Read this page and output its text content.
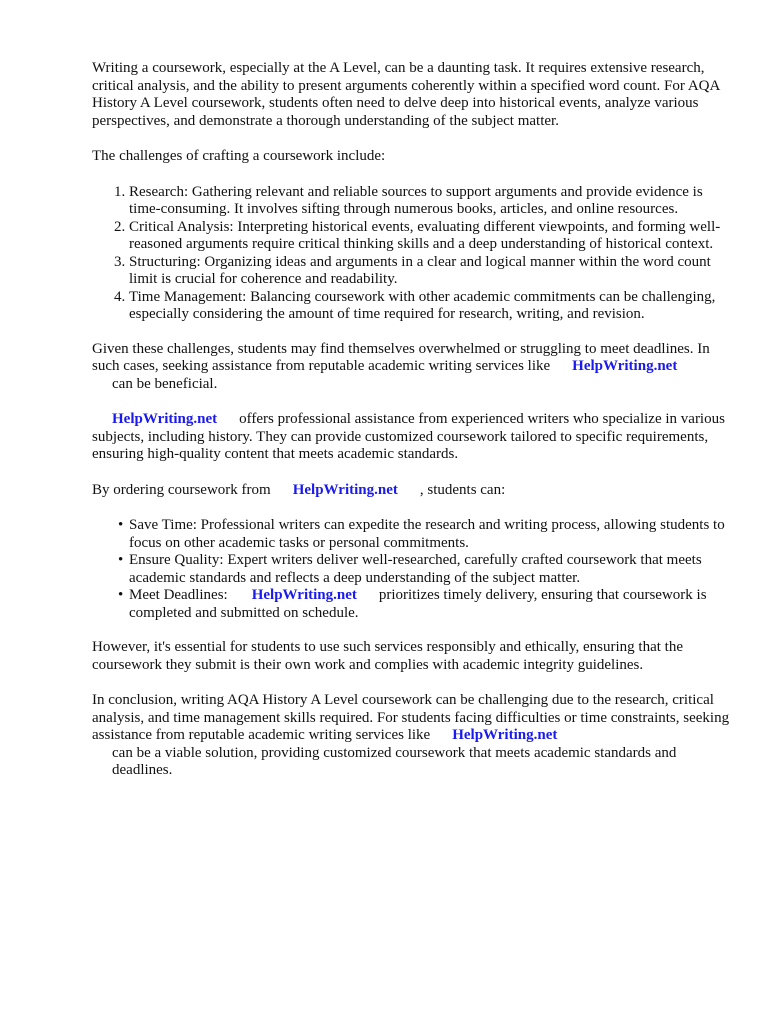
Writing a coursework, especially at the A Level, can be a daunting task. It requires extensive research, critical analysis, and the ability to present arguments coherently within a specified word count. For AQA History A Level coursework, students often need to delve deep into historical events, analyze various perspectives, and demonstrate a thorough understanding of the subject matter.

The challenges of crafting a coursework include:

1. Research: Gathering relevant and reliable sources to support arguments and provide evidence is time-consuming. It involves sifting through numerous books, articles, and online resources.
2. Critical Analysis: Interpreting historical events, evaluating different viewpoints, and forming well-reasoned arguments require critical thinking skills and a deep understanding of historical context.
3. Structuring: Organizing ideas and arguments in a clear and logical manner within the word count limit is crucial for coherence and readability.
4. Time Management: Balancing coursework with other academic commitments can be challenging, especially considering the amount of time required for research, writing, and revision.

Given these challenges, students may find themselves overwhelmed or struggling to meet deadlines. In such cases, seeking assistance from reputable academic writing services like HelpWriting.net
can be beneficial.

HelpWriting.net offers professional assistance from experienced writers who specialize in various subjects, including history. They can provide customized coursework tailored to specific requirements, ensuring high-quality content that meets academic standards.

By ordering coursework from HelpWriting.net , students can:

• Save Time: Professional writers can expedite the research and writing process, allowing students to focus on other academic tasks or personal commitments.
• Ensure Quality: Expert writers deliver well-researched, carefully crafted coursework that meets academic standards and reflects a deep understanding of the subject matter.
• Meet Deadlines: HelpWriting.net prioritizes timely delivery, ensuring that coursework is completed and submitted on schedule.

However, it's essential for students to use such services responsibly and ethically, ensuring that the coursework they submit is their own work and complies with academic integrity guidelines.

In conclusion, writing AQA History A Level coursework can be challenging due to the research, critical analysis, and time management skills required. For students facing difficulties or time constraints, seeking assistance from reputable academic writing services like HelpWriting.net
can be a viable solution, providing customized coursework that meets academic standards and deadlines.
